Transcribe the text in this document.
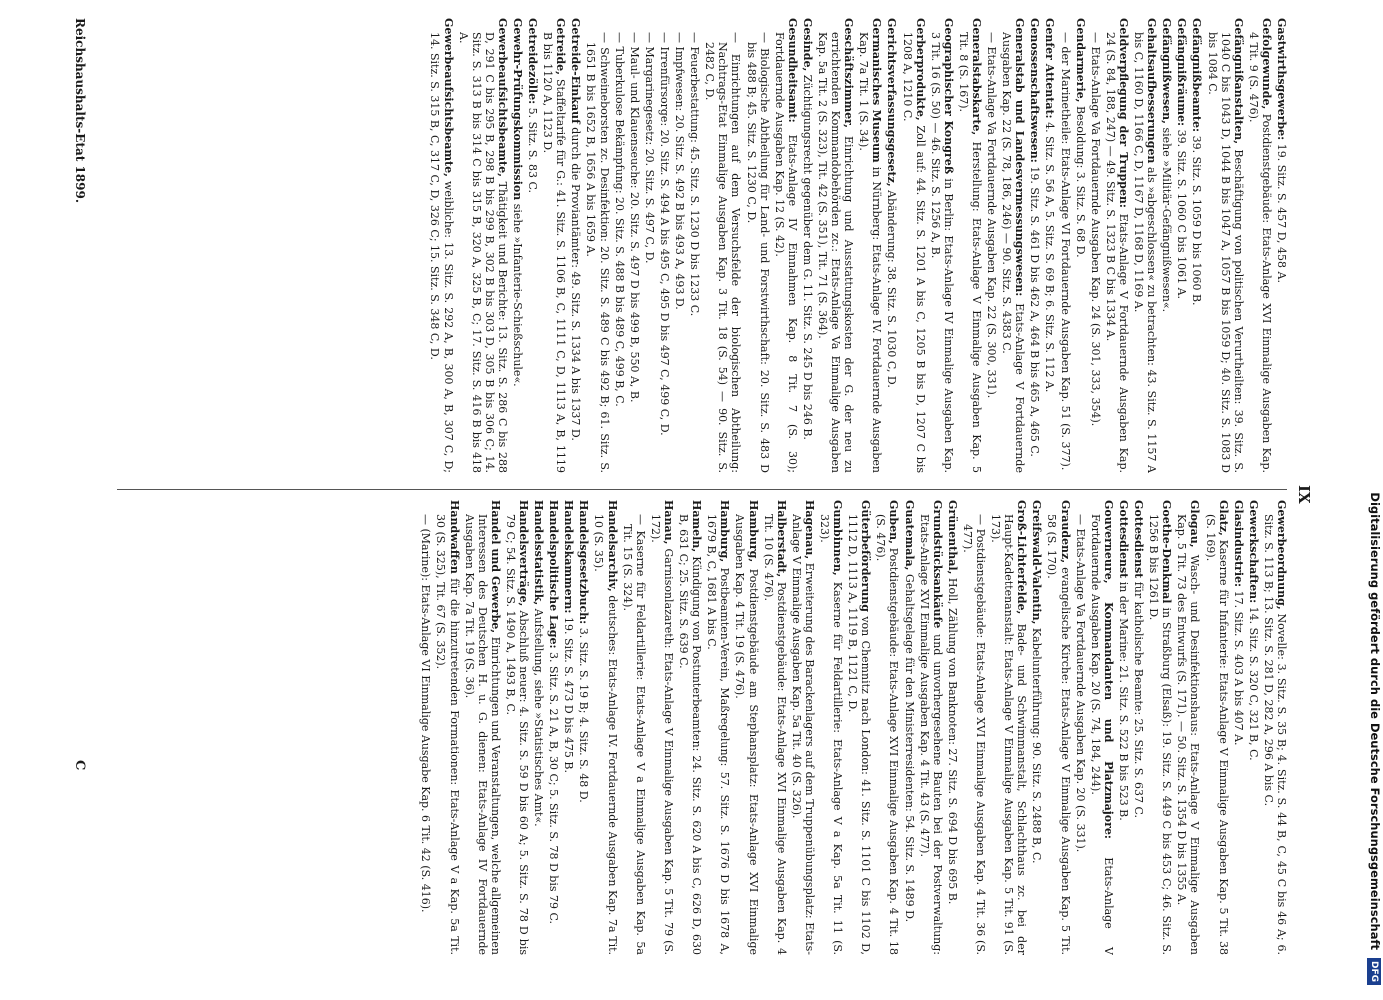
IX

Gastwirthsgewerbe: 19. Sitz. S. 457 D, 458 A.

Gefolgewunde, Postdienstgebäude: Etats-Anlage XVI Einmalige Ausgaben Kap. 4 Tit. 9 (S. 476).

Gefängnißanstalten, Beschäftigung von politischen Verurtheilten: 39. Sitz. S. 1040 C bis 1043 D, 1044 B bis 1047 A, 1057 B bis 1059 D; 40. Sitz. S. 1083 D bis 1084 C.

Gefängnißbeamte: 39. Sitz. S. 1059 D bis 1060 B.

Gefängnißräume: 39. Sitz. S. 1060 C bis 1061 A.

Gefängnißwesen, siehe »Militär-Gefängnißwesen«.

Gehaltsaufbesserungen als »abgeschlossen« zu betrachten: 43. Sitz. S. 1157 A bis C, 1160 D, 1166 C, D, 1167 D, 1168 D, 1169 A.

Geldverpflegung der Truppen: Etats-Anlage V Fortdauernde Ausgaben Kap. 24 (S. 84, 188, 247) — 49. Sitz. S. 1323 B C bis 1334 A.

— Etats-Anlage Va Fortdauernde Ausgaben Kap. 24 (S. 301, 333, 354).

Gendarmerie, Besoldung: 3. Sitz. S. 68 D.

— der Marinetheile: Etats-Anlage VI Fortdauernde Ausgaben Kap. 51 (S. 377).

Genfer Attentat: 4. Sitz. S. 56 A, 5. Sitz. S. 69 B; 6. Sitz. S. 112 A.

Genossenschaftswesen: 19. Sitz. S. 461 D bis 462 A, 464 B bis 465 A, 465 C.

Generalstab und Landesvermessungswesen: Etats-Anlage V Fortdauernde Ausgaben Kap. 22 (S. 78, 186, 246) — 90. Sitz. S. 4383 C.

— Etats-Anlage Va Fortdauernde Ausgaben Kap. 22 (S. 300, 331).

Generalstabskarte, Herstellung: Etats-Anlage V Einmalige Ausgaben Kap. 5 Tit. 8 (S. 167).

Geographischer Kongreß in Berlin: Etats-Anlage IV Einmalige Ausgaben Kap. 3 Tit. 16 (S. 50) — 46. Sitz. S. 1256 A, B.

Gerberprodukte, Zoll auf: 44. Sitz. S. 1201 A bis C, 1205 B bis D, 1207 C bis 1208 A, 1210 C.

Gerichtsverfassungsgesetz, Abänderung: 38. Sitz. S. 1030 C, D.

Germanisches Museum in Nürnberg: Etats-Anlage IV. Fortdauernde Ausgaben Kap. 7a Tit. 1 (S. 34).

Geschäftszimmer, Einrichtung und Ausstattungskosten der G. der neu zu errichtenden Kommandobehörden zc.: Etats-Anlage Va Einmalige Ausgaben Kap. 5a Tit. 2 (S. 323), Tit. 42 (S. 351), Tit. 71 (S. 364).

Gesinde, Züchtigungsrecht gegenüber dem G. 11. Sitz. S. 245 D bis 246 B.

Gesundheitsamt: Etats-Anlage IV Einnahmen Kap. 8 Tit. 7 (S. 30); Fortdauernde Ausgaben Kap. 12 (S. 42).

— Biologische Abtheilung für Land- und Forstwirthschaft: 20. Sitz. S. 483 D bis 488 B; 45. Sitz. S. 1230 C, D.

— Einrichtungen auf dem Versuchsfelde der biologischen Abtheilung: Nachtrags-Etat Einmalige Ausgaben Kap. 3 Tit. 18 (S. 54) — 90. Sitz. S. 2482 C, D.

— Feuerbestattung: 45. Sitz. S. 1230 D bis 1233 C.

— Impfwesen: 20. Sitz. S. 492 B bis 493 A, 493 D.

— Irrenfürsorge: 20. Sitz. S. 494 A bis 495 C, 495 D bis 497 C, 499 C, D.

— Margarinegesetz: 20. Sitz. S. 497 C, D.

— Maul- und Klauenseuche: 20. Sitz. S. 497 D bis 499 B, 550 A, B.

— Tuberkulose Bekämpfung: 20. Sitz. S. 488 B bis 489 C, 499 B, C.

— Schweineborsten zc. Desinfektion: 20. Sitz. S. 489 C bis 492 B; 61. Sitz. S. 1651 B bis 1652 B, 1656 A bis 1659 A.

Getreide-Einkauf durch die Proviantämter: 49. Sitz. S. 1334 A bis 1337 D.

Getreide, Staffeltarife für G.: 41. Sitz. S. 1106 B, C, 1111 C, D, 1113 A, B, 1119 B bis 1120 A, 1123 D.

Getreidezölle: 5. Sitz. S. 83 C.

Gewehr-Prüfungskommission siehe »Infanterie-Schießschule«.

Gewerbeaufsichtsbeamte, Thätigkeit und Berichte: 13. Sitz. S. 286 C bis 288 D, 291 C bis 295 B, 298 B bis 299 B, 302 B bis 303 D, 305 B bis 306 C; 14. Sitz. S. 313 B bis 314 C bis 315 B, 320 A, 325 B, C; 17. Sitz. S. 416 B bis 418 A.

Gewerbeaufsichtsbeamte, weibliche: 13. Sitz. S. 292 A, B, 300 A, B, 307 C, D; 14. Sitz. S. 315 B, C, 317 C, D, 326 C; 15. Sitz. S. 348 C, D.

Gewerbeordnung, Novelle: 3. Sitz. S. 35 B; 4. Sitz. S. 44 B, C, 45 C bis 46 A; 6. Sitz. S. 113 B; 13. Sitz. S. 281 D, 282 A, 296 A bis C.

Gewerkschaften: 14. Sitz. S. 320 C, 321 B, C.

Glasindustrie: 17. Sitz. S. 403 A bis 407 A.

Glatz, Kaserne für Infanterie: Etats-Anlage V Einmalige Ausgaben Kap. 5 Tit. 38 (S. 169).

Glogau, Wasch- und Desinfektionshaus: Etats-Anlage V Einmalige Ausgaben Kap. 5 Tit. 73 des Entwurfs (S. 171). — 50. Sitz. S. 1354 D bis 1355 A.

Goethe-Denkmal in Straßburg (Elsaß): 19. Sitz. S. 449 C bis 453 C; 46. Sitz. S. 1256 B bis 1261 D.

Gottesdienst für katholische Beamte: 25. Sitz. S. 637 C.

Gottesdienst in der Marine: 21. Sitz. S. 522 B bis 523 B.

Gouverneure, Kommandanten und Platzmajore: Etats-Anlage V Fortdauernde Ausgaben Kap. 20 (S. 74, 184, 244).

— Etats-Anlage Va Fortdauernde Ausgaben Kap. 20 (S. 331).

Graudenz, evangelische Kirche: Etats-Anlage V Einmalige Ausgaben Kap. 5 Tit. 58 (S. 170).

Greifswald-Valentin, Kabelunterführung: 90. Sitz. S. 2488 B, C.

Groß-Lichterfelde, Bade- und Schwimmanstalt, Schlachthaus zc. bei der Haupt-Kadettenanstalt: Etats-Anlage V Einmalige Ausgaben Kap. 5 Tit. 91 (S. 173).

— Postdienstgebäude: Etats-Anlage XVI Einmalige Ausgaben Kap. 4 Tit. 36 (S. 477).

Grünenthal, Holl, Zählung von Banknoten: 27. Sitz. S. 694 D bis 695 B.

Grundstücksankäufe und unvorhergesehene Bauten bei der Postverwaltung: Etats-Anlage XVI Einmalige Ausgaben Kap. 4 Tit. 43 (S. 477).

Guatemala, Gehaltsgelage für den Ministerresidenten: 54. Sitz. S. 1489 D.

Guben, Postdienstgebäude: Etats-Anlage XVI Einmalige Ausgaben Kap. 4 Tit. 18 (S. 476).

Güterbeförderung von Chemnitz nach London: 41. Sitz. S. 1101 C bis 1102 D, 1112 D, 1113 A, 1119 B, 1121 C, D.

Gumbinnen, Kaserne für Feldartillerie: Etats-Anlage V a Kap. 5a Tit. 11 (S. 323).

Hagenau, Erweiterung des Barackenlagers auf dem Truppenübungsplatz: Etats-Anlage V Einmalige Ausgaben Kap. 5a Tit. 40 (S. 326).

Halberstadt, Postdienstgebäude: Etats-Anlage XVI Einmalige Ausgaben Kap. 4 Tit. 10 (S. 476).

Hamburg, Postdienstgebäude am Stephansplatz: Etats-Anlage XVI Einmalige Ausgaben Kap. 4 Tit. 19 (S. 476).

Hamburg, Postbeamten-Verein, Maßregelung: 57. Sitz. S. 1676 D bis 1678 A, 1679 B, C, 1681 A bis C.

Hameln, Kündigung von Postunterbeamten: 24. Sitz. S. 620 A bis C, 626 D, 630 B, 631 C; 25. Sitz. S. 639 C.

Hanau, Garnisonlazareth: Etats-Anlage V Einmalige Ausgaben Kap. 5 Tit. 79 (S. 172).

— Kaserne für Feldartillerie: Etats-Anlage V a Einmalige Ausgaben Kap. 5a Tit. 15 (S. 324).

Handelsarchiv, deutsches: Etats-Anlage IV. Fortdauernde Ausgaben Kap. 7a Tit. 10 (S. 35).

Handelsgesetzbuch: 3. Sitz. S. 19 B; 4. Sitz. S. 48 D.

Handelskammern: 19. Sitz. S. 473 D bis 475 B.

Handelspolitische Lage: 3. Sitz. S. 21 A, B, 30 C; 5. Sitz. S. 78 D bis 79 C.

Handelsstatistik, Aufstellung, siehe »Statistisches Amt«.

Handelsverträge, Abschluß neuer: 4. Sitz. S. 59 D bis 60 A; 5. Sitz. S. 78 D bis 79 C; 54. Sitz. S. 1490 A, 1493 B, C.

Handel und Gewerbe, Einrichtungen und Veranstaltungen, welche allgemeinen Interessen des Deutschen H. u. G. dienen: Etats-Anlage IV Fortdauernde Ausgaben Kap. 7a Tit. 19 (S. 36).

Handwaffen für die hinzutretenden Formationen: Etats-Anlage V a Kap. 5a Tit. 30 (S. 325), Tit. 67 (S. 352).

— (Marine): Etats-Anlage VI Einmalige Ausgabe Kap. 6 Tit. 42 (S. 416).

Reichshaushalts-Etat 1899.
C	Digitalisierung gefördert durch die Deutsche Forschungsgemeinschaft DFG
